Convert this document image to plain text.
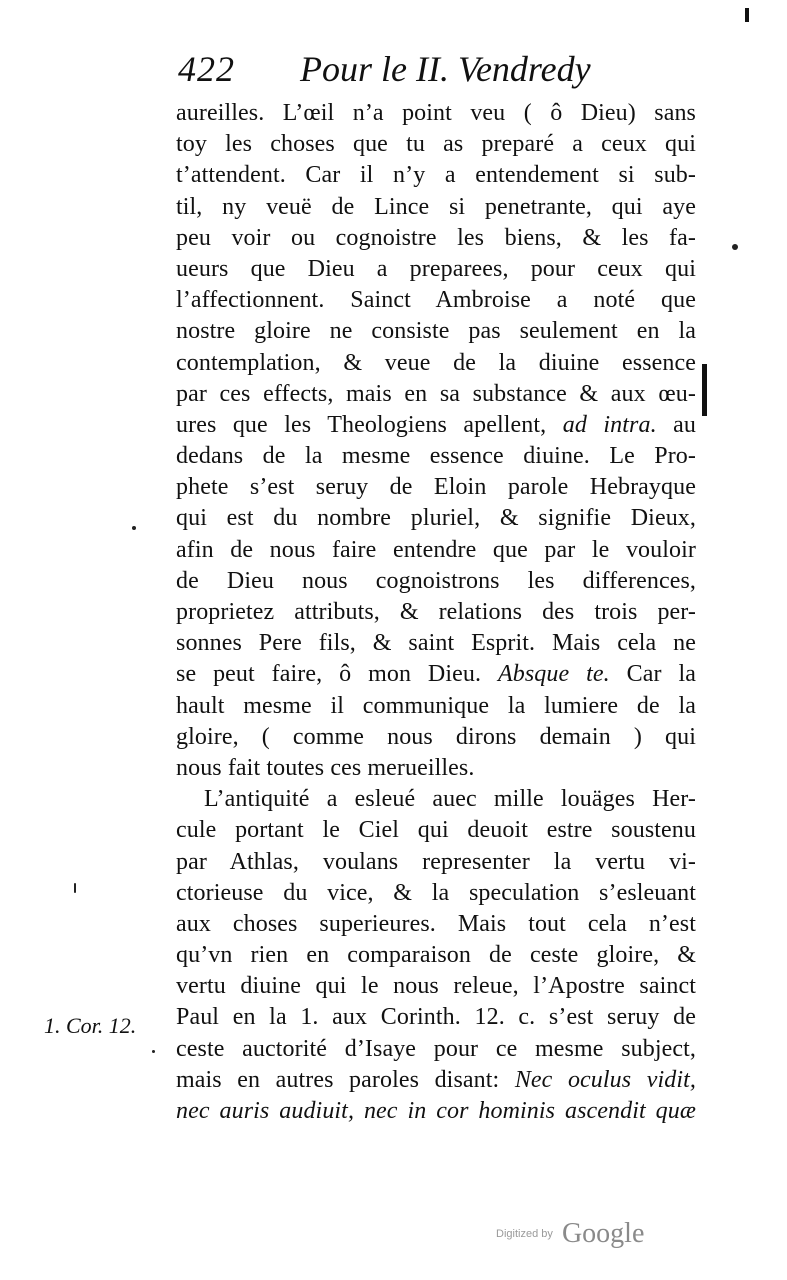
422 Pour le II. Vendredy
aureilles. L’œil n’a point veu ( ô Dieu) sans
toy les choses que tu as preparé a ceux qui
t’attendent. Car il n’y a entendement si sub-
til, ny veuë de Lince si penetrante, qui aye
peu voir ou cognoistre les biens, & les fa-
ueurs que Dieu a preparees, pour ceux qui
l’affectionnent. Sainct Ambroise a noté que
nostre gloire ne consiste pas seulement en la
contemplation, & veue de la diuine essence
par ces effects, mais en sa substance & aux œu-
ures que les Theologiens apellent, ad intra. au
dedans de la mesme essence diuine. Le Pro-
phete s’est seruy de Eloin parole Hebrayque
qui est du nombre pluriel, & signifie Dieux,
afin de nous faire entendre que par le vouloir
de Dieu nous cognoistrons les differences,
proprietez attributs, & relations des trois per-
sonnes Pere fils, & saint Esprit. Mais cela ne
se peut faire, ô mon Dieu. Absque te. Car la
hault mesme il communique la lumiere de la
gloire, ( comme nous dirons demain ) qui
nous fait toutes ces merueilles.
L’antiquité a esleué auec mille louäges Her-
cule portant le Ciel qui deuoit estre soustenu
par Athlas, voulans representer la vertu vi-
ctorieuse du vice, & la speculation s’esleuant
aux choses superieures. Mais tout cela n’est
qu’vn rien en comparaison de ceste gloire, &
vertu diuine qui le nous releue, l’Apostre sainct
Paul en la 1. aux Corinth. 12. c. s’est seruy de
ceste auctorité d’Isaye pour ce mesme subject,
mais en autres paroles disant: Nec oculus vidit,
nec auris audiuit, nec in cor hominis ascendit quæ
1. Cor. 12.
Digitized by Google
